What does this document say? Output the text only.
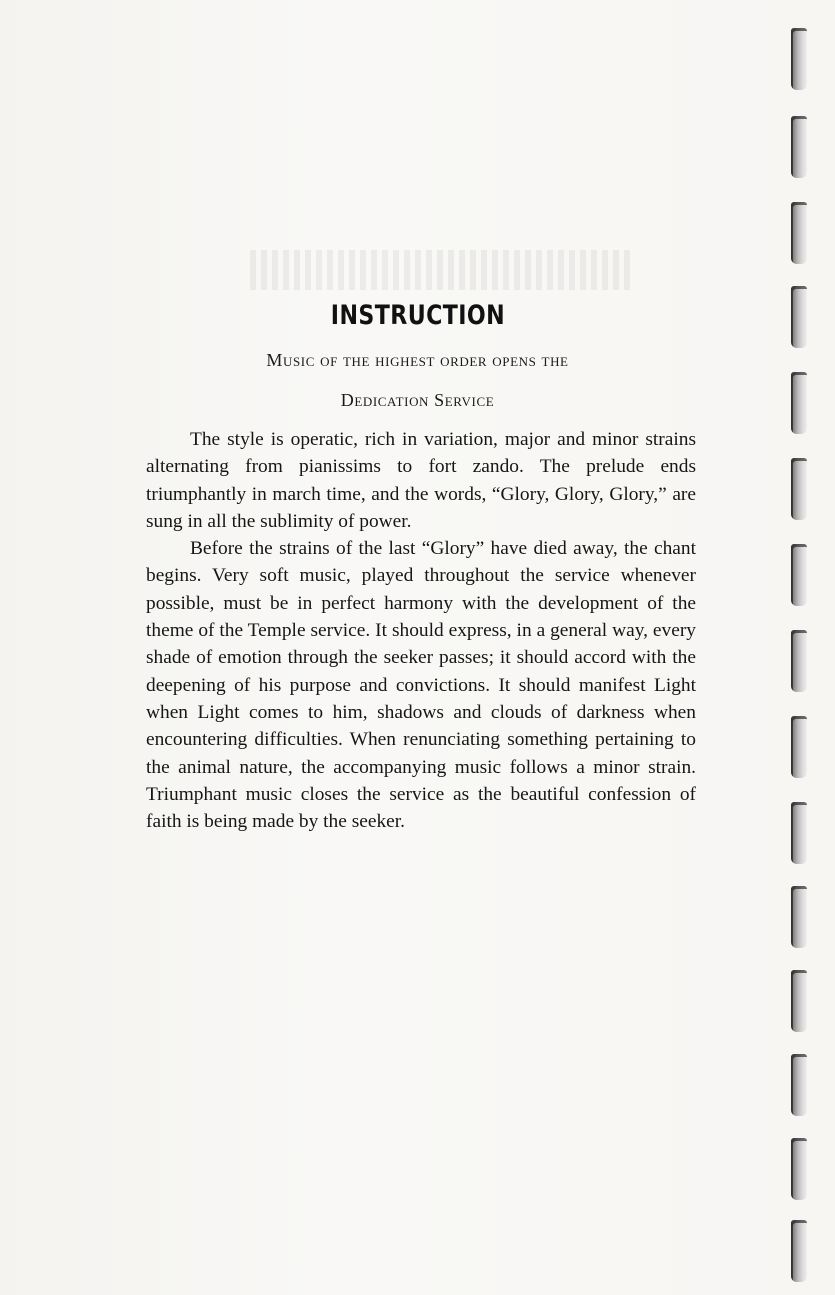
INSTRUCTION
Music of the highest order opens the
Dedication Service

The style is operatic, rich in variation, major and minor strains alternating from pianissims to fort zando. The prelude ends triumphantly in march time, and the words, “Glory, Glory, Glory,” are sung in all the sublimity of power.

Before the strains of the last “Glory” have died away, the chant begins. Very soft music, played throughout the service whenever possible, must be in perfect harmony with the development of the theme of the Temple service. It should express, in a general way, every shade of emotion through the seeker passes; it should accord with the deepening of his purpose and convictions. It should manifest Light when Light comes to him, shadows and clouds of darkness when encountering difficulties. When renunciating something pertaining to the animal nature, the accompanying music follows a minor strain. Triumphant music closes the service as the beautiful confession of faith is being made by the seeker.
